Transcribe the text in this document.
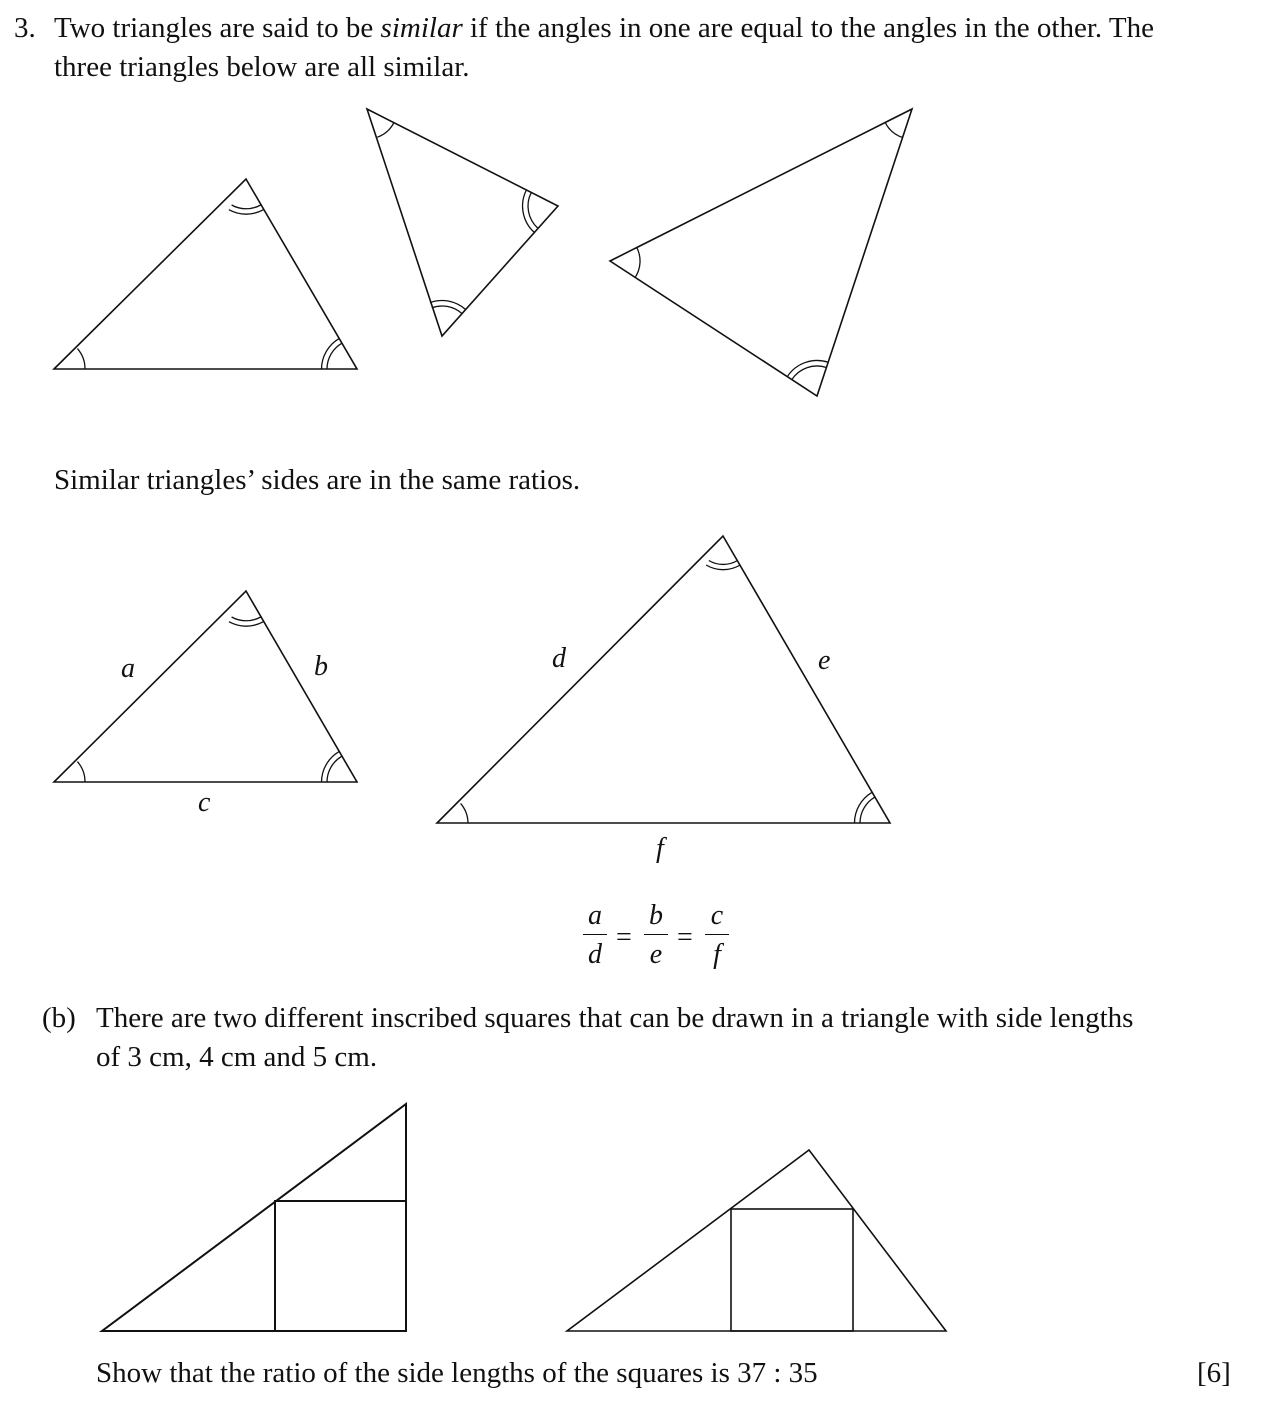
3. Two triangles are said to be similar if the angles in one are equal to the angles in the other. The
three triangles below are all similar.
Similar triangles’ sides are in the same ratios.
a	b
c
d	e
f
a
d
=
b
e
=
c
f
(b) There are two different inscribed squares that can be drawn in a triangle with side lengths
of 3 cm, 4 cm and 5 cm.
Show that the ratio of the side lengths of the squares is 37 : 35	[6]
